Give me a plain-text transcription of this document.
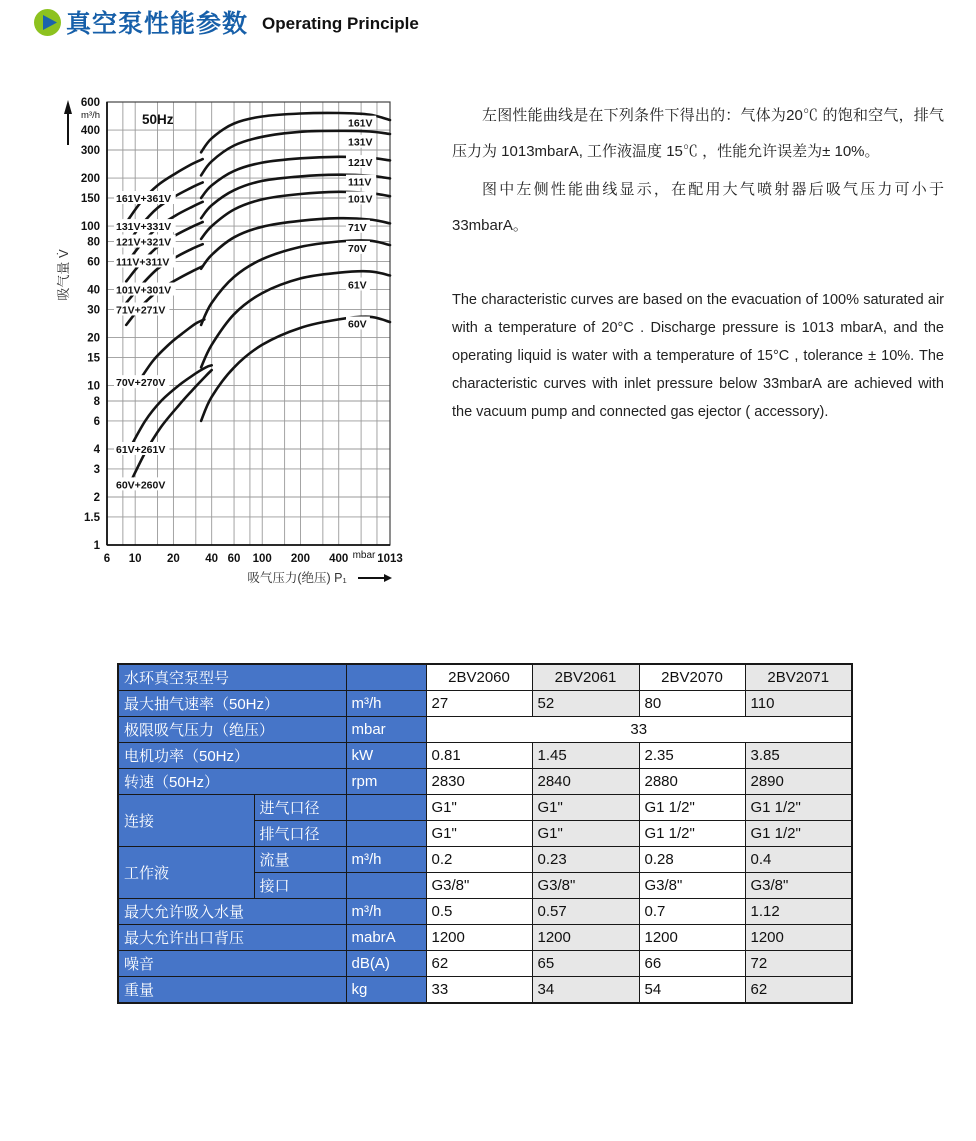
真空泵性能参数 Operating Principle
161V
131V
121V
111V
101V
71V
70V
61V
60V
161V+361V
131V+331V
121V+321V
111V+311V
101V+301V
71V+271V
70V+270V
61V+261V
60V+260V
600
400
300
200
150
100
80
60
40
30
20
15
10
8
6
4
3
2
1.5
1
m³/h
6 10 20 40 60 100 200 400	1013
mbar
吸气压力(绝压) P₁
吸气量 V̇
50Hz	左图性能曲线是在下列条件下得出的：气体为20℃ 的饱和空气，排气压力为 1013mbarA, 工作液温度 15℃ ，性能允许误差为± 10%。

图中左侧性能曲线显示，在配用大气喷射器后吸气压力可小于33mbarA。

The characteristic curves are based on the evacuation of 100% saturated air with a temperature of 20°C . Discharge pressure is 1013 mbarA, and the operating liquid is water with a temperature of 15°C , tolerance ± 10%. The characteristic curves with inlet pressure below 33mbarA are achieved with the vacuum pump and connected gas ejector ( accessory).

水环真空泵型号			2BV2060	2BV2061	2BV2070	2BV2071
最大抽气速率（50Hz）		m³/h	27	52	80	110
极限吸气压力（绝压）		mbar	33			
电机功率（50Hz）		kW	0.81	1.45	2.35	3.85
转速（50Hz）		rpm	2830	2840	2880	2890
连接	进气口径		G1"	G1"	G1 1/2"	G1 1/2"
	排气口径		G1"	G1"	G1 1/2"	G1 1/2"
工作液	流量	m³/h	0.2	0.23	0.28	0.4
	接口		G3/8"	G3/8"	G3/8"	G3/8"
最大允许吸入水量		m³/h	0.5	0.57	0.7	1.12
最大允许出口背压		mabrA	1200	1200	1200	1200
噪音		dB(A)	62	65	66	72
重量		kg	33	34	54	62
